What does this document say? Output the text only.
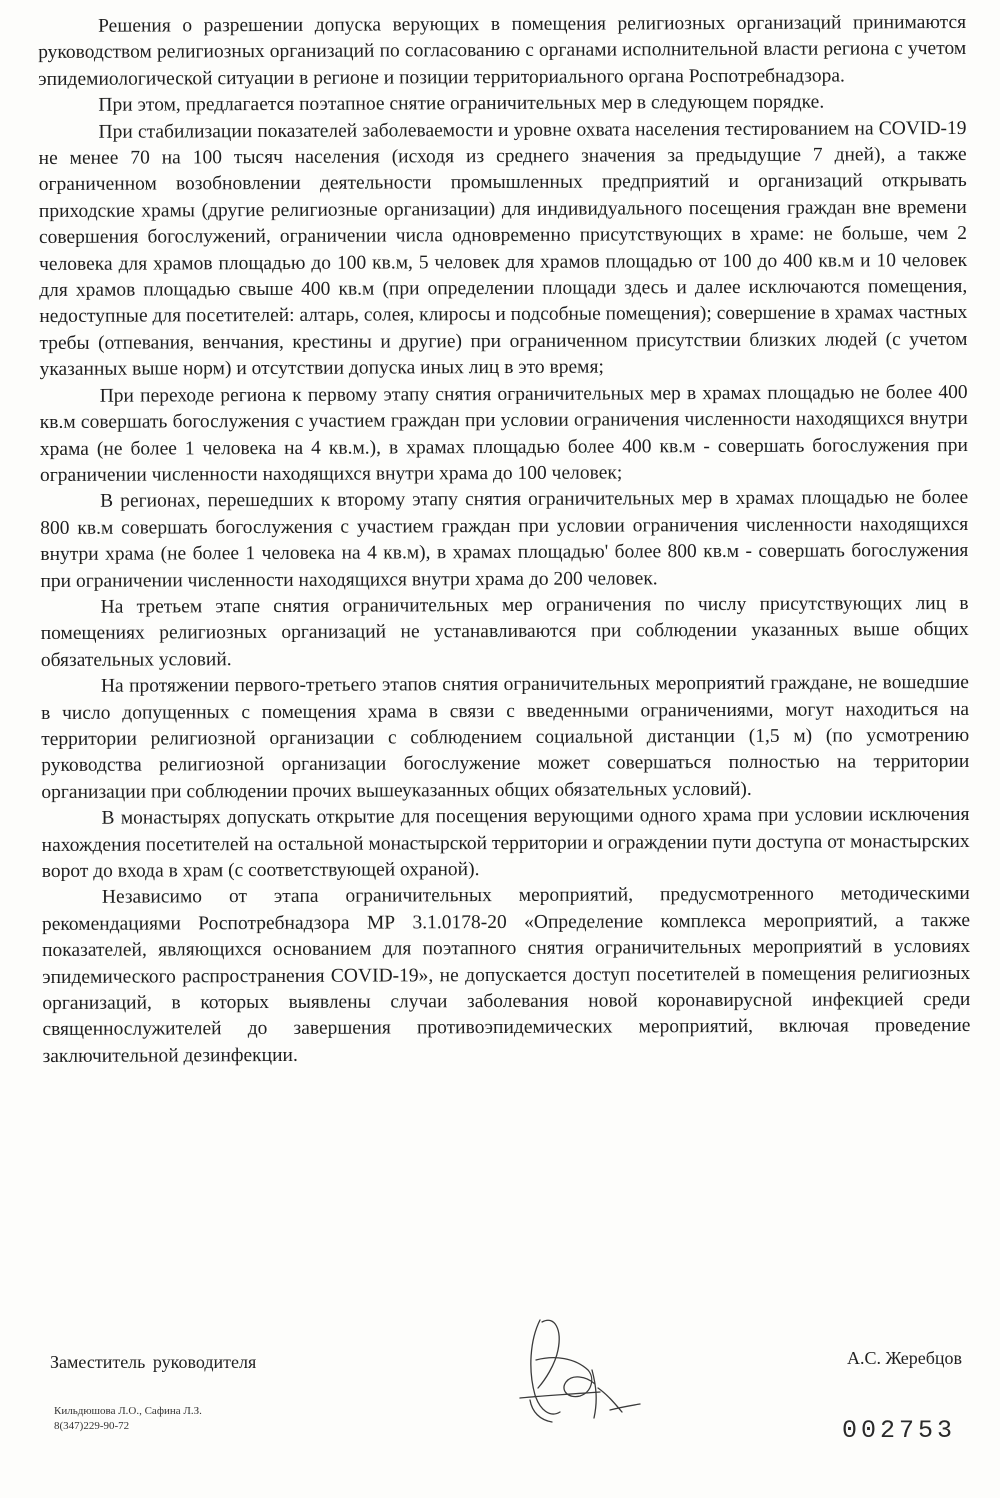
Решения о разрешении допуска верующих в помещения религиозных организаций принимаются руководством религиозных организаций по согласованию с органами исполнительной власти региона с учетом эпидемиологической ситуации в регионе и позиции территориального органа Роспотребнадзора.

При этом, предлагается поэтапное снятие ограничительных мер в следующем порядке.

При стабилизации показателей заболеваемости и уровне охвата населения тестированием на COVID-19 не менее 70 на 100 тысяч населения (исходя из среднего значения за предыдущие 7 дней), а также ограниченном возобновлении деятельности промышленных предприятий и организаций открывать приходские храмы (другие религиозные организации) для индивидуального посещения граждан вне времени совершения богослужений, ограничении числа одновременно присутствующих в храме: не больше, чем 2 человека для храмов площадью до 100 кв.м, 5 человек для храмов площадью от 100 до 400 кв.м и 10 человек для храмов площадью свыше 400 кв.м (при определении площади здесь и далее исключаются помещения, недоступные для посетителей: алтарь, солея, клиросы и подсобные помещения); совершение в храмах частных требы (отпевания, венчания, крестины и другие) при ограниченном присутствии близких людей (с учетом указанных выше норм) и отсутствии допуска иных лиц в это время;

При переходе региона к первому этапу снятия ограничительных мер в храмах площадью не более 400 кв.м совершать богослужения с участием граждан при условии ограничения численности находящихся внутри храма (не более 1 человека на 4 кв.м.), в храмах площадью более 400 кв.м - совершать богослужения при ограничении численности находящихся внутри храма до 100 человек;

В регионах, перешедших к второму этапу снятия ограничительных мер в храмах площадью не более 800 кв.м совершать богослужения с участием граждан при условии ограничения численности находящихся внутри храма (не более 1 человека на 4 кв.м), в храмах площадью' более 800 кв.м - совершать богослужения при ограничении численности находящихся внутри храма до 200 человек.

На третьем этапе снятия ограничительных мер ограничения по числу присутствующих лиц в помещениях религиозных организаций не устанавливаются при соблюдении указанных выше общих обязательных условий.

На протяжении первого-третьего этапов снятия ограничительных мероприятий граждане, не вошедшие в число допущенных с помещения храма в связи с введенными ограничениями, могут находиться на территории религиозной организации с соблюдением социальной дистанции (1,5 м) (по усмотрению руководства религиозной организации богослужение может совершаться полностью на территории организации при соблюдении прочих вышеуказанных общих обязательных условий).

В монастырях допускать открытие для посещения верующими одного храма при условии исключения нахождения посетителей на остальной монастырской территории и ограждении пути доступа от монастырских ворот до входа в храм (с соответствующей охраной).

Независимо от этапа ограничительных мероприятий, предусмотренного методическими рекомендациями Роспотребнадзора МР 3.1.0178-20 «Определение комплекса мероприятий, а также показателей, являющихся основанием для поэтапного снятия ограничительных мероприятий в условиях эпидемического распространения COVID-19», не допускается доступ посетителей в помещения религиозных организаций, в которых выявлены случаи заболевания новой коронавирусной инфекцией среди священнослужителей до завершения противоэпидемических мероприятий, включая проведение заключительной дезинфекции.

Заместитель руководителя	А.С. Жеребцов
Кильдюшова Л.О., Сафина Л.З.
8(347)229-90-72	002753
